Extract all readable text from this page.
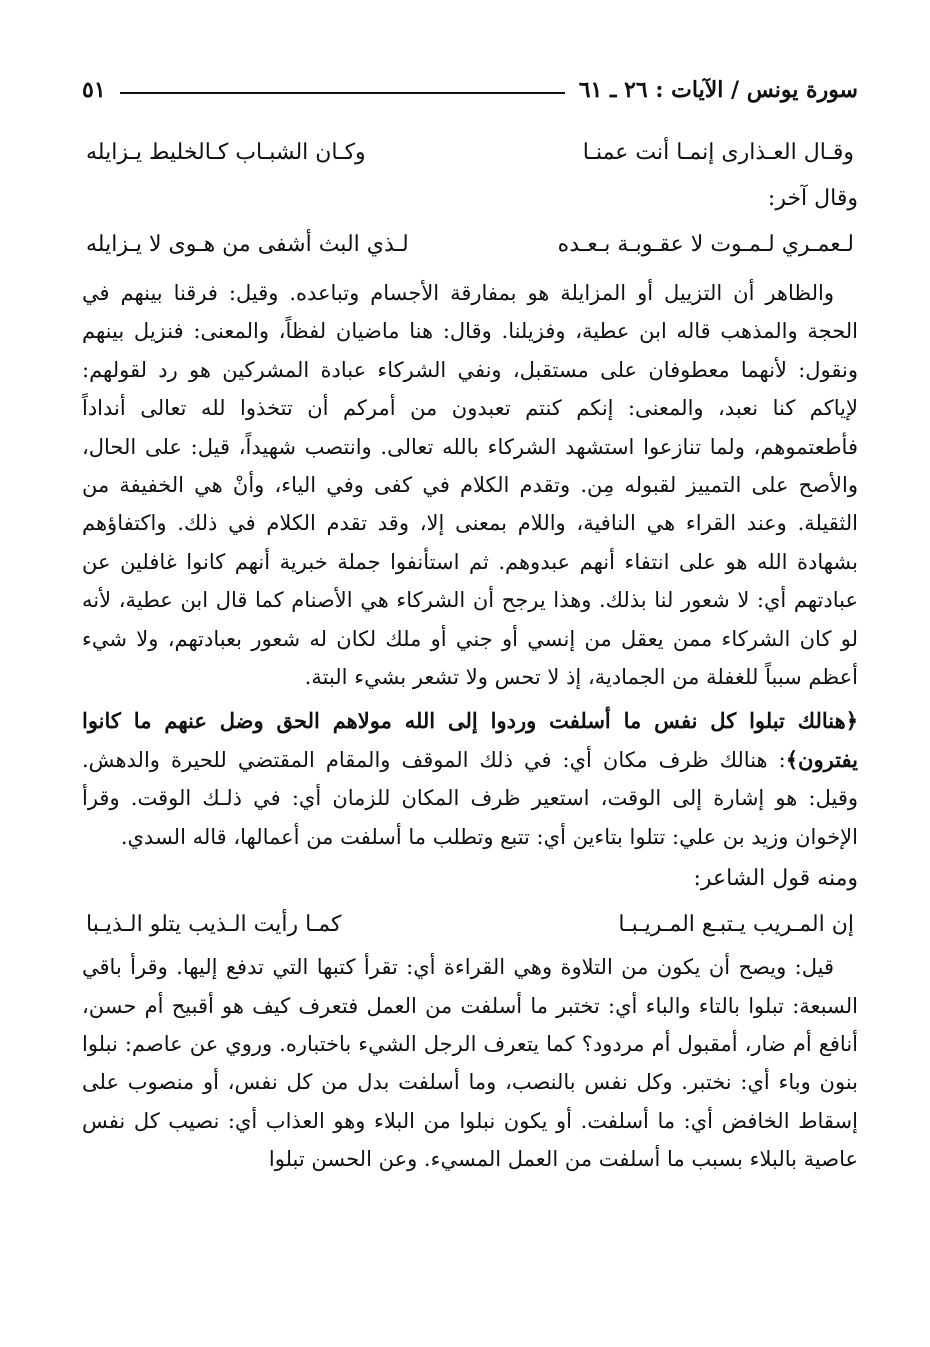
سورة يونس / الآيات : ٢٦ ـ ٦١
٥١
وقـال العـذارى إنمـا أنت عمنـا
وكـان الشبـاب كـالخليط يـزايله
وقال آخر:
لـعمـري لـمـوت لا عقـوبـة بـعـده
لـذي البث أشفى من هـوى لا يـزايله

والظاهر أن التزييل أو المزايلة هو بمفارقة الأجسام وتباعده. وقيل: فرقنا بينهم في الحجة والمذهب قاله ابن عطية، وفزيلنا. وقال: هنا ماضيان لفظاً، والمعنى: فنزيل بينهم ونقول: لأنهما معطوفان على مستقبل، ونفي الشركاء عبادة المشركين هو رد لقولهم: لإياكم كنا نعبد، والمعنى: إنكم كنتم تعبدون من أمركم أن تتخذوا لله تعالى أنداداً فأطعتموهم، ولما تنازعوا استشهد الشركاء بالله تعالى. وانتصب شهيداً، قيل: على الحال، والأصح على التمييز لقبوله مِن. وتقدم الكلام في كفى وفي الياء، وأنْ هي الخفيفة من الثقيلة. وعند القراء هي النافية، واللام بمعنى إلا، وقد تقدم الكلام في ذلك. واكتفاؤهم بشهادة الله هو على انتفاء أنهم عبدوهم. ثم استأنفوا جملة خبرية أنهم كانوا غافلين عن عبادتهم أي: لا شعور لنا بذلك. وهذا يرجح أن الشركاء هي الأصنام كما قال ابن عطية، لأنه لو كان الشركاء ممن يعقل من إنسي أو جني أو ملك لكان له شعور بعبادتهم، ولا شيء أعظم سبباً للغفلة من الجمادية، إذ لا تحس ولا تشعر بشيء البتة.

﴿هنالك تبلوا كل نفس ما أسلفت وردوا إلى الله مولاهم الحق وضل عنهم ما كانوا يفترون﴾: هنالك ظرف مكان أي: في ذلك الموقف والمقام المقتضي للحيرة والدهش. وقيل: هو إشارة إلى الوقت، استعير ظرف المكان للزمان أي: في ذلـك الوقت. وقرأ الإخوان وزيد بن علي: تتلوا بتاءين أي: تتبع وتطلب ما أسلفت من أعمالها، قاله السدي.

ومنه قول الشاعر:
إن المـريب يـتبـع المـريـبـا
كمـا رأيت الـذيب يتلو الـذيـبا

قيل: ويصح أن يكون من التلاوة وهي القراءة أي: تقرأ كتبها التي تدفع إليها. وقرأ باقي السبعة: تبلوا بالتاء والباء أي: تختبر ما أسلفت من العمل فتعرف كيف هو أقبيح أم حسن، أنافع أم ضار، أمقبول أم مردود؟ كما يتعرف الرجل الشيء باختباره. وروي عن عاصم: نبلوا بنون وباء أي: نختبر. وكل نفس بالنصب، وما أسلفت بدل من كل نفس، أو منصوب على إسقاط الخافض أي: ما أسلفت. أو يكون نبلوا من البلاء وهو العذاب أي: نصيب كل نفس عاصية بالبلاء بسبب ما أسلفت من العمل المسيء. وعن الحسن تبلوا
